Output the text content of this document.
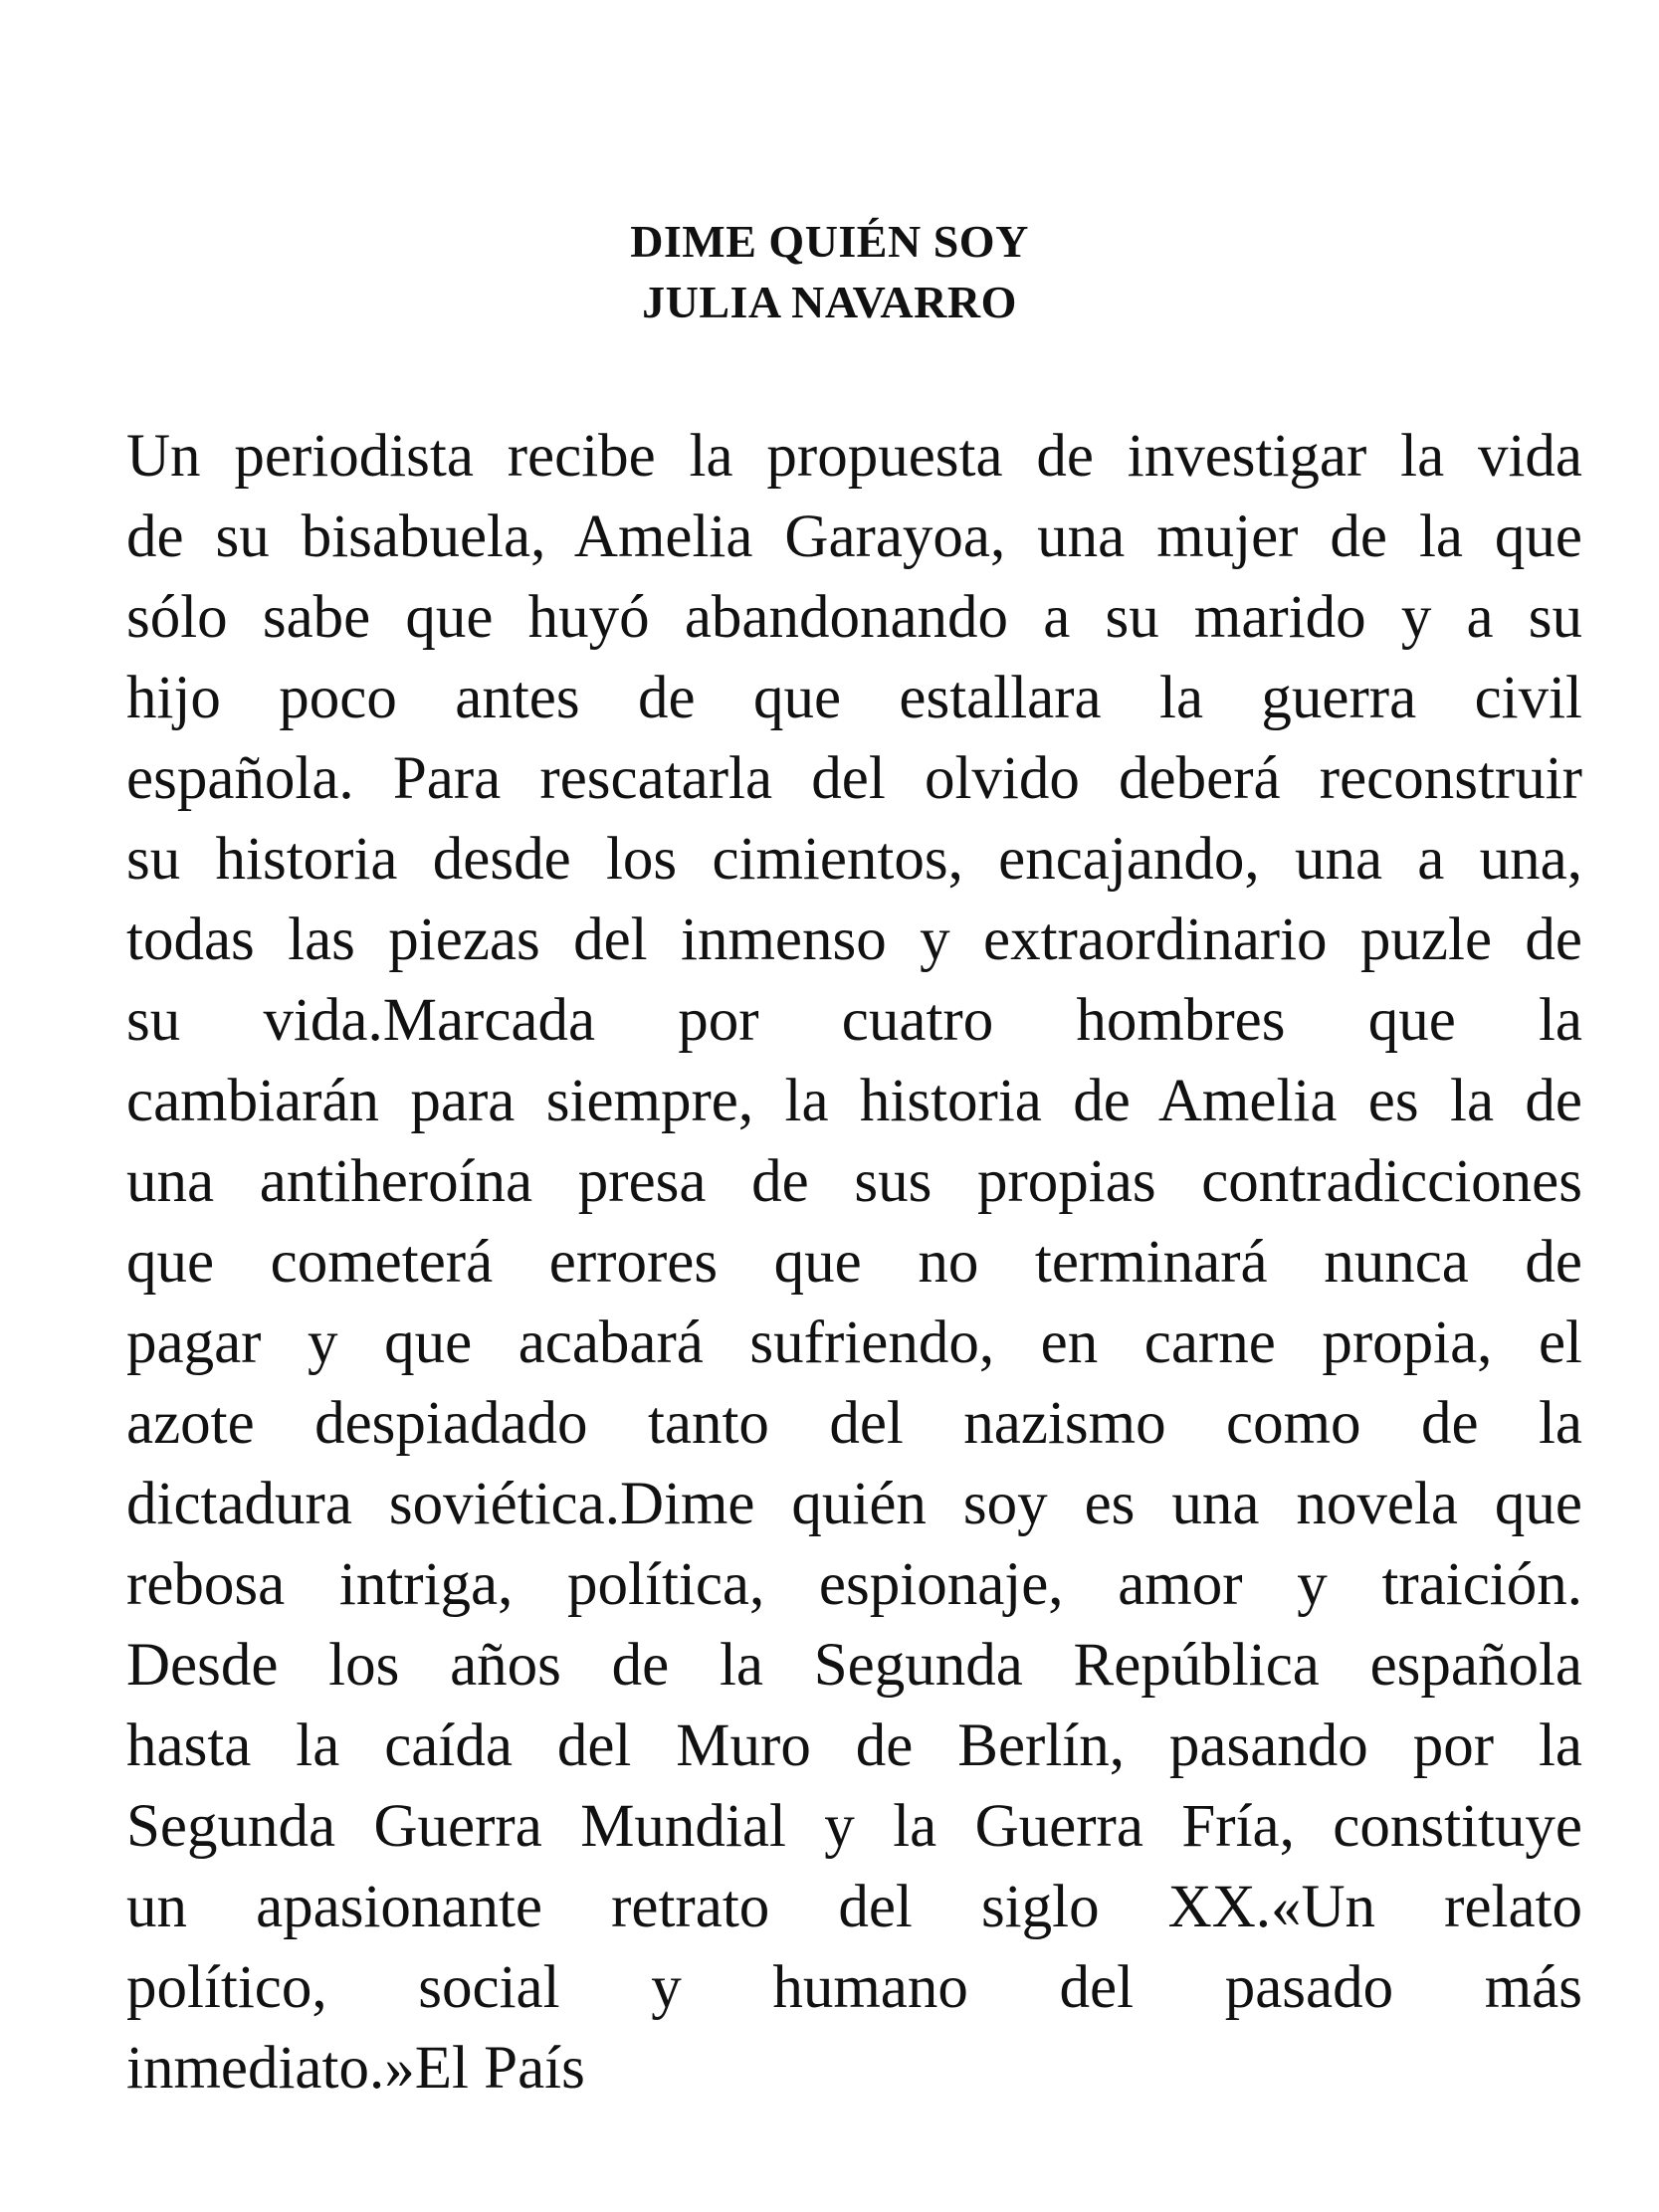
DIME QUIÉN SOY
JULIA NAVARRO
Un periodista recibe la propuesta de investigar la vida
de su bisabuela, Amelia Garayoa, una mujer de la que
sólo sabe que huyó abandonando a su marido y a su
hijo poco antes de que estallara la guerra civil
española. Para rescatarla del olvido deberá reconstruir
su historia desde los cimientos, encajando, una a una,
todas las piezas del inmenso y extraordinario puzle de
su vida.Marcada por cuatro hombres que la
cambiarán para siempre, la historia de Amelia es la de
una antiheroína presa de sus propias contradicciones
que cometerá errores que no terminará nunca de
pagar y que acabará sufriendo, en carne propia, el
azote despiadado tanto del nazismo como de la
dictadura soviética.Dime quién soy es una novela que
rebosa intriga, política, espionaje, amor y traición.
Desde los años de la Segunda República española
hasta la caída del Muro de Berlín, pasando por la
Segunda Guerra Mundial y la Guerra Fría, constituye
un apasionante retrato del siglo XX.«Un relato
político, social y humano del pasado más
inmediato.»El País
